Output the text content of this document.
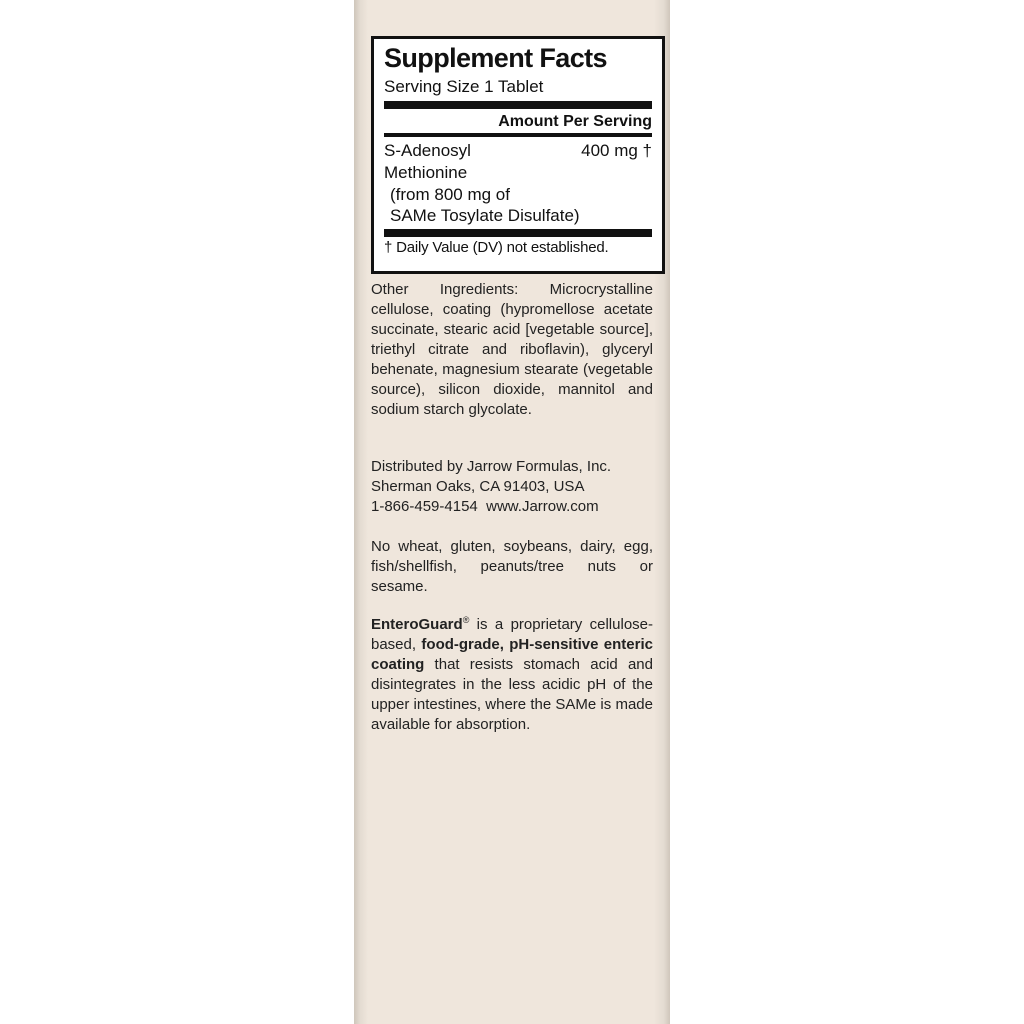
Supplement Facts
Serving Size 1 Tablet
Amount Per Serving
S-Adenosyl
Methionine
400 mg †
(from 800 mg of
SAMe Tosylate Disulfate)
† Daily Value (DV) not established.
Other Ingredients: Microcrystalline cellulose, coating (hypromellose acetate succinate, stearic acid [vegetable source], triethyl citrate and riboflavin), glyceryl behenate, magnesium stearate (vegetable source), silicon dioxide, mannitol and sodium starch glycolate.
Distributed by Jarrow Formulas, Inc.
Sherman Oaks, CA 91403, USA
1-866-459-4154 www.Jarrow.com
No wheat, gluten, soybeans, dairy, egg, fish/shellfish, peanuts/tree nuts or sesame.
EnteroGuard® is a proprietary cellulose-based, food-grade, pH-sensitive enteric coating that resists stomach acid and disintegrates in the less acidic pH of the upper intestines, where the SAMe is made available for absorption.
